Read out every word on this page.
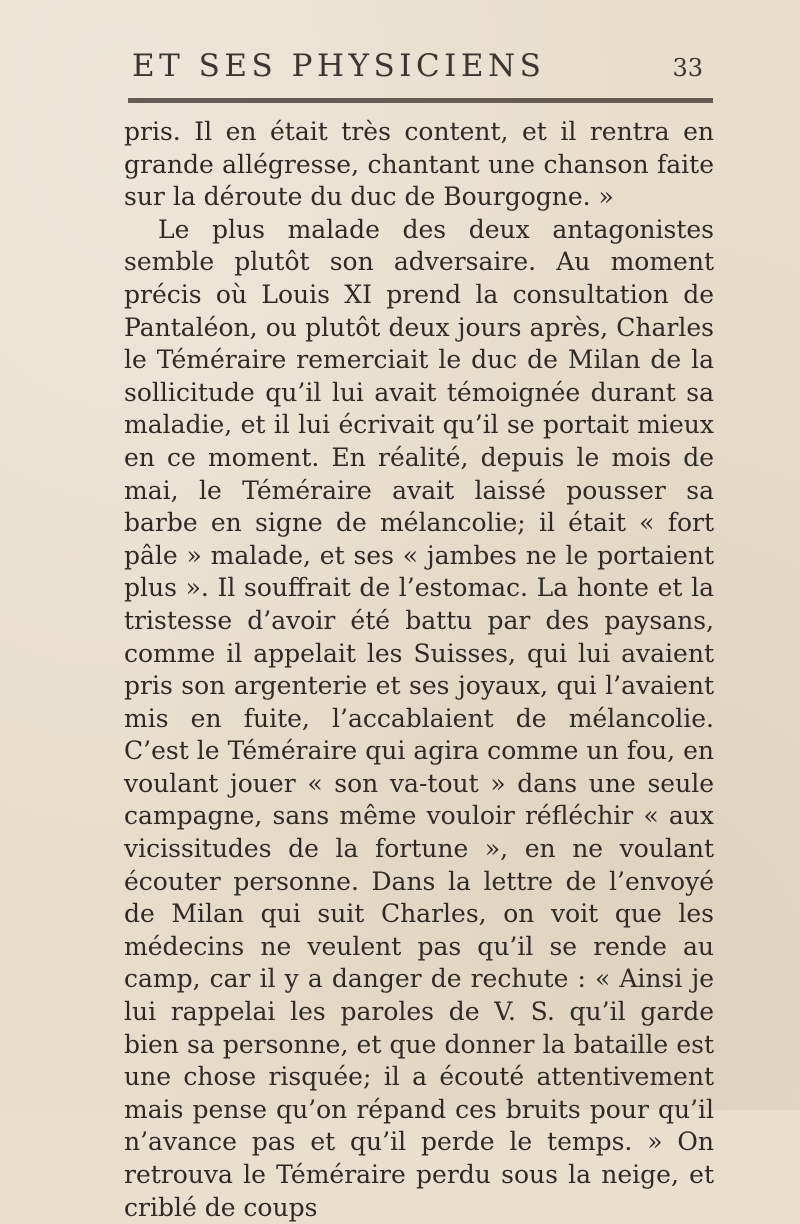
ET SES PHYSICIENS	33

pris. Il en était très content, et il rentra en grande allégresse, chantant une chanson faite sur la déroute du duc de Bourgogne. »

Le plus malade des deux antagonistes semble plutôt son adversaire. Au moment précis où Louis XI prend la consultation de Pantaléon, ou plutôt deux jours après, Charles le Téméraire remerciait le duc de Milan de la sollicitude qu’il lui avait témoignée durant sa maladie, et il lui écrivait qu’il se portait mieux en ce moment. En réalité, depuis le mois de mai, le Téméraire avait laissé pousser sa barbe en signe de mélancolie; il était « fort pâle » malade, et ses « jambes ne le portaient plus ». Il souffrait de l’estomac. La honte et la tristesse d’avoir été battu par des paysans, comme il appelait les Suisses, qui lui avaient pris son argenterie et ses joyaux, qui l’avaient mis en fuite, l’accablaient de mélancolie. C’est le Téméraire qui agira comme un fou, en voulant jouer « son va-tout » dans une seule campagne, sans même vouloir réfléchir « aux vicissitudes de la fortune », en ne voulant écouter personne. Dans la lettre de l’envoyé de Milan qui suit Charles, on voit que les médecins ne veulent pas qu’il se rende au camp, car il y a danger de rechute : « Ainsi je lui rappelai les paroles de V. S. qu’il garde bien sa personne, et que donner la bataille est une chose risquée; il a écouté attentivement mais pense qu’on répand ces bruits pour qu’il n’avance pas et qu’il perde le temps. » On retrouva le Téméraire perdu sous la neige, et criblé de coups
